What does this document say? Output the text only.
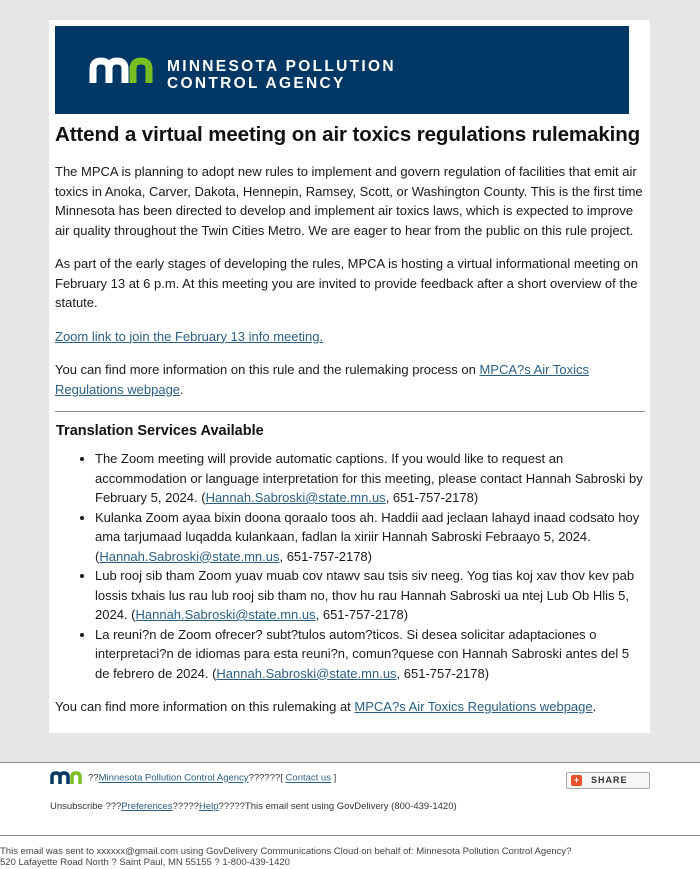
MINNESOTA POLLUTION
CONTROL AGENCY
Attend a virtual meeting on air toxics regulations rulemaking

The MPCA is planning to adopt new rules to implement and govern regulation of facilities that emit air toxics in Anoka, Carver, Dakota, Hennepin, Ramsey, Scott, or Washington County. This is the first time Minnesota has been directed to develop and implement air toxics laws, which is expected to improve air quality throughout the Twin Cities Metro. We are eager to hear from the public on this rule project.

As part of the early stages of developing the rules, MPCA is hosting a virtual informational meeting on February 13 at 6 p.m. At this meeting you are invited to provide feedback after a short overview of the statute.

Zoom link to join the February 13 info meeting.

You can find more information on this rule and the rulemaking process on MPCA?s Air Toxics Regulations webpage.

Translation Services Available
• The Zoom meeting will provide automatic captions. If you would like to request an accommodation or language interpretation for this meeting, please contact Hannah Sabroski by February 5, 2024. (Hannah.Sabroski@state.mn.us, 651-757-2178)
• Kulanka Zoom ayaa bixin doona qoraalo toos ah. Haddii aad jeclaan lahayd inaad codsato hoy ama tarjumaad luqadda kulankaan, fadlan la xiriir Hannah Sabroski Febraayo 5, 2024. (Hannah.Sabroski@state.mn.us, 651-757-2178)
• Lub rooj sib tham Zoom yuav muab cov ntawv sau tsis siv neeg. Yog tias koj xav thov kev pab lossis txhais lus rau lub rooj sib tham no, thov hu rau Hannah Sabroski ua ntej Lub Ob Hlis 5, 2024. (Hannah.Sabroski@state.mn.us, 651-757-2178)
• La reuni?n de Zoom ofrecer? subt?tulos autom?ticos. Si desea solicitar adaptaciones o interpretaci?n de idiomas para esta reuni?n, comun?quese con Hannah Sabroski antes del 5 de febrero de 2024. (Hannah.Sabroski@state.mn.us, 651-757-2178)

You can find more information on this rulemaking at MPCA?s Air Toxics Regulations webpage.

??Minnesota Pollution Control Agency??????[ Contact us ]	+	SHARE
Unsubscribe ???Preferences?????Help?????This email sent using GovDelivery (800-439-1420)
This email was sent to xxxxxx@gmail.com using GovDelivery Communications Cloud on behalf of: Minnesota Pollution Control Agency?
520 Lafayette Road North ? Saint Paul, MN 55155 ? 1-800-439-1420
